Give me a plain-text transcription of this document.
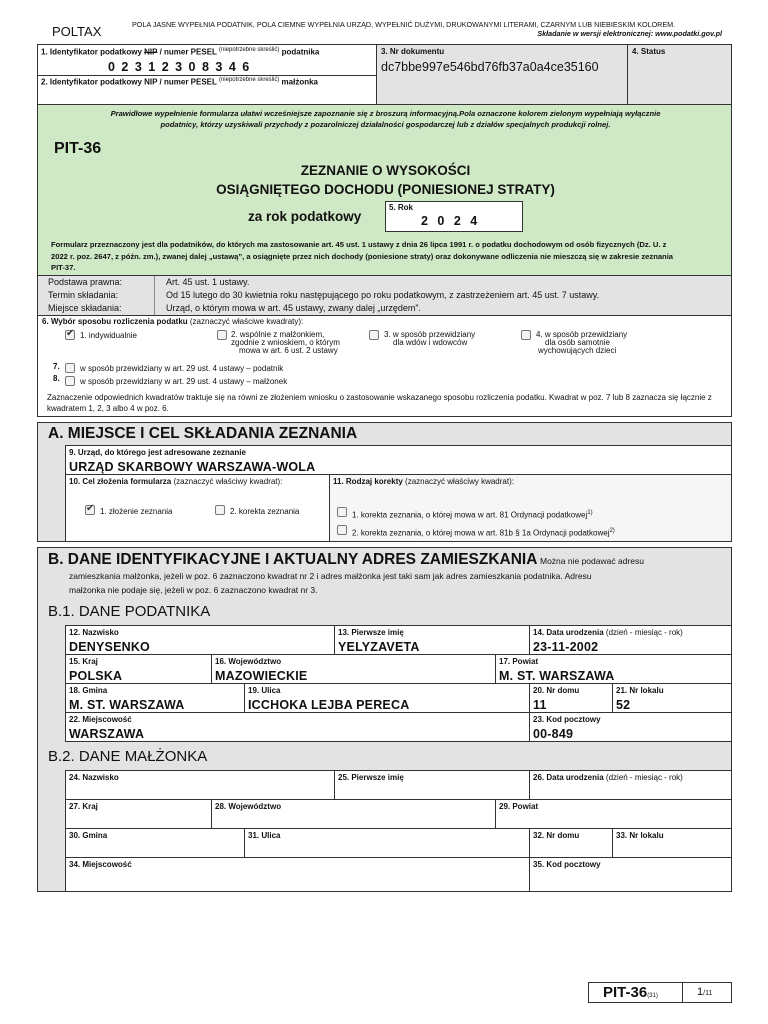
POLTAX	POLA JASNE WYPEŁNIA PODATNIK, POLA CIEMNE WYPEŁNIA URZĄD, WYPEŁNIĆ DUŻYMI, DRUKOWANYMI LITERAMI, CZARNYM LUB NIEBIESKIM KOLOREM.
Składanie w wersji elektronicznej: www.podatki.gov.pl
1. Identyfikator podatkowy NIP / numer PESEL $^{(niepotrzebne skreślić)}$ podatnika
0 2 3 1 2 3 0 8 3 4 6
2. Identyfikator podatkowy NIP / numer PESEL $^{(niepotrzebne skreślić)}$ małżonka
3. Nr dokumentu
dc7bbe997e546bd76fb37a0a4ce35160
4. Status
Prawidłowe wypełnienie formularza ułatwi wcześniejsze zapoznanie się z broszurą informacyjną.Pola oznaczone kolorem zielonym wypełniają wyłącznie podatnicy, którzy uzyskiwali przychody z pozarolniczej działalności gospodarczej lub z działów specjalnych produkcji rolnej.
PIT-36
ZEZNANIE O WYSOKOŚCI
OSIĄGNIĘTEGO DOCHODU (PONIESIONEJ STRATY)
za rok podatkowy
5. Rok
2 0 2 4
Formularz przeznaczony jest dla podatników, do których ma zastosowanie art. 45 ust. 1 ustawy z dnia 26 lipca 1991 r. o podatku dochodowym od osób fizycznych (Dz. U. z 2022 r. poz. 2647, z późn. zm.), zwanej dalej „ustawą”, a osiągnięte przez nich dochody (poniesione straty) oraz dokonywane odliczenia nie mieszczą się w zakresie zeznania PIT-37.
Podstawa prawna:	Art. 45 ust. 1 ustawy.
Termin składania:	Od 15 lutego do 30 kwietnia roku następującego po roku podatkowym, z zastrzeżeniem art. 45 ust. 7 ustawy.
Miejsce składania:	Urząd, o którym mowa w art. 45 ustawy, zwany dalej „urzędem”.
6. Wybór sposobu rozliczenia podatku (zaznaczyć właściwe kwadraty):
✔
1. indywidualnie	2. wspólnie z małżonkiem,
zgodnie z wnioskiem, o którym
mowa w art. 6 ust. 2 ustawy
3. w sposób przewidziany
dla wdów i wdowców
4. w sposób przewidziany
dla osób samotnie
wychowujących dzieci
7.	w sposób przewidziany w art. 29 ust. 4 ustawy – podatnik
8.	w sposób przewidziany w art. 29 ust. 4 ustawy – małżonek
Zaznaczenie odpowiednich kwadratów traktuje się na równi ze złożeniem wniosku o zastosowanie wskazanego sposobu rozliczenia podatku. Kwadrat w poz. 7 lub 8 zaznacza się łącznie z kwadratem 1, 2, 3 albo 4 w poz. 6.
A. MIEJSCE I CEL SKŁADANIA ZEZNANIA
9. Urząd, do którego jest adresowane zeznanie
URZĄD SKARBOWY WARSZAWA-WOLA
10. Cel złożenia formularza (zaznaczyć właściwy kwadrat):
✔
1. złożenie zeznania	2. korekta zeznania
11. Rodzaj korekty (zaznaczyć właściwy kwadrat):
1. korekta zeznania, o której mowa w art. 81 Ordynacji podatkowej$^{1)}$
2. korekta zeznania, o której mowa w art. 81b § 1a Ordynacji podatkowej$^{2)}$
B. DANE IDENTYFIKACYJNE I AKTUALNY ADRES ZAMIESZKANIA Można nie podawać adresu
zamieszkania małżonka, jeżeli w poz. 6 zaznaczono kwadrat nr 2 i adres małżonka jest taki sam jak adres zamieszkania podatnika. Adresu
małżonka nie podaje się, jeżeli w poz. 6 zaznaczono kwadrat nr 3.
B.1. DANE PODATNIKA
12. Nazwisko
DENYSENKO
13. Pierwsze imię
YELYZAVETA
14. Data urodzenia (dzień - miesiąc - rok)
23-11-2002
15. Kraj
POLSKA
16. Województwo
MAZOWIECKIE
17. Powiat
M. ST. WARSZAWA
18. Gmina
M. ST. WARSZAWA
19. Ulica
ICCHOKA LEJBA PERECA
20. Nr domu
11
21. Nr lokalu
52
22. Miejscowość
WARSZAWA
23. Kod pocztowy
00-849
B.2. DANE MAŁŻONKA
24. Nazwisko	25. Pierwsze imię	26. Data urodzenia (dzień - miesiąc - rok)
27. Kraj	28. Województwo	29. Powiat
30. Gmina	31. Ulica	32. Nr domu	33. Nr lokalu
34. Miejscowość	35. Kod pocztowy
PIT-36(31)	1/11
